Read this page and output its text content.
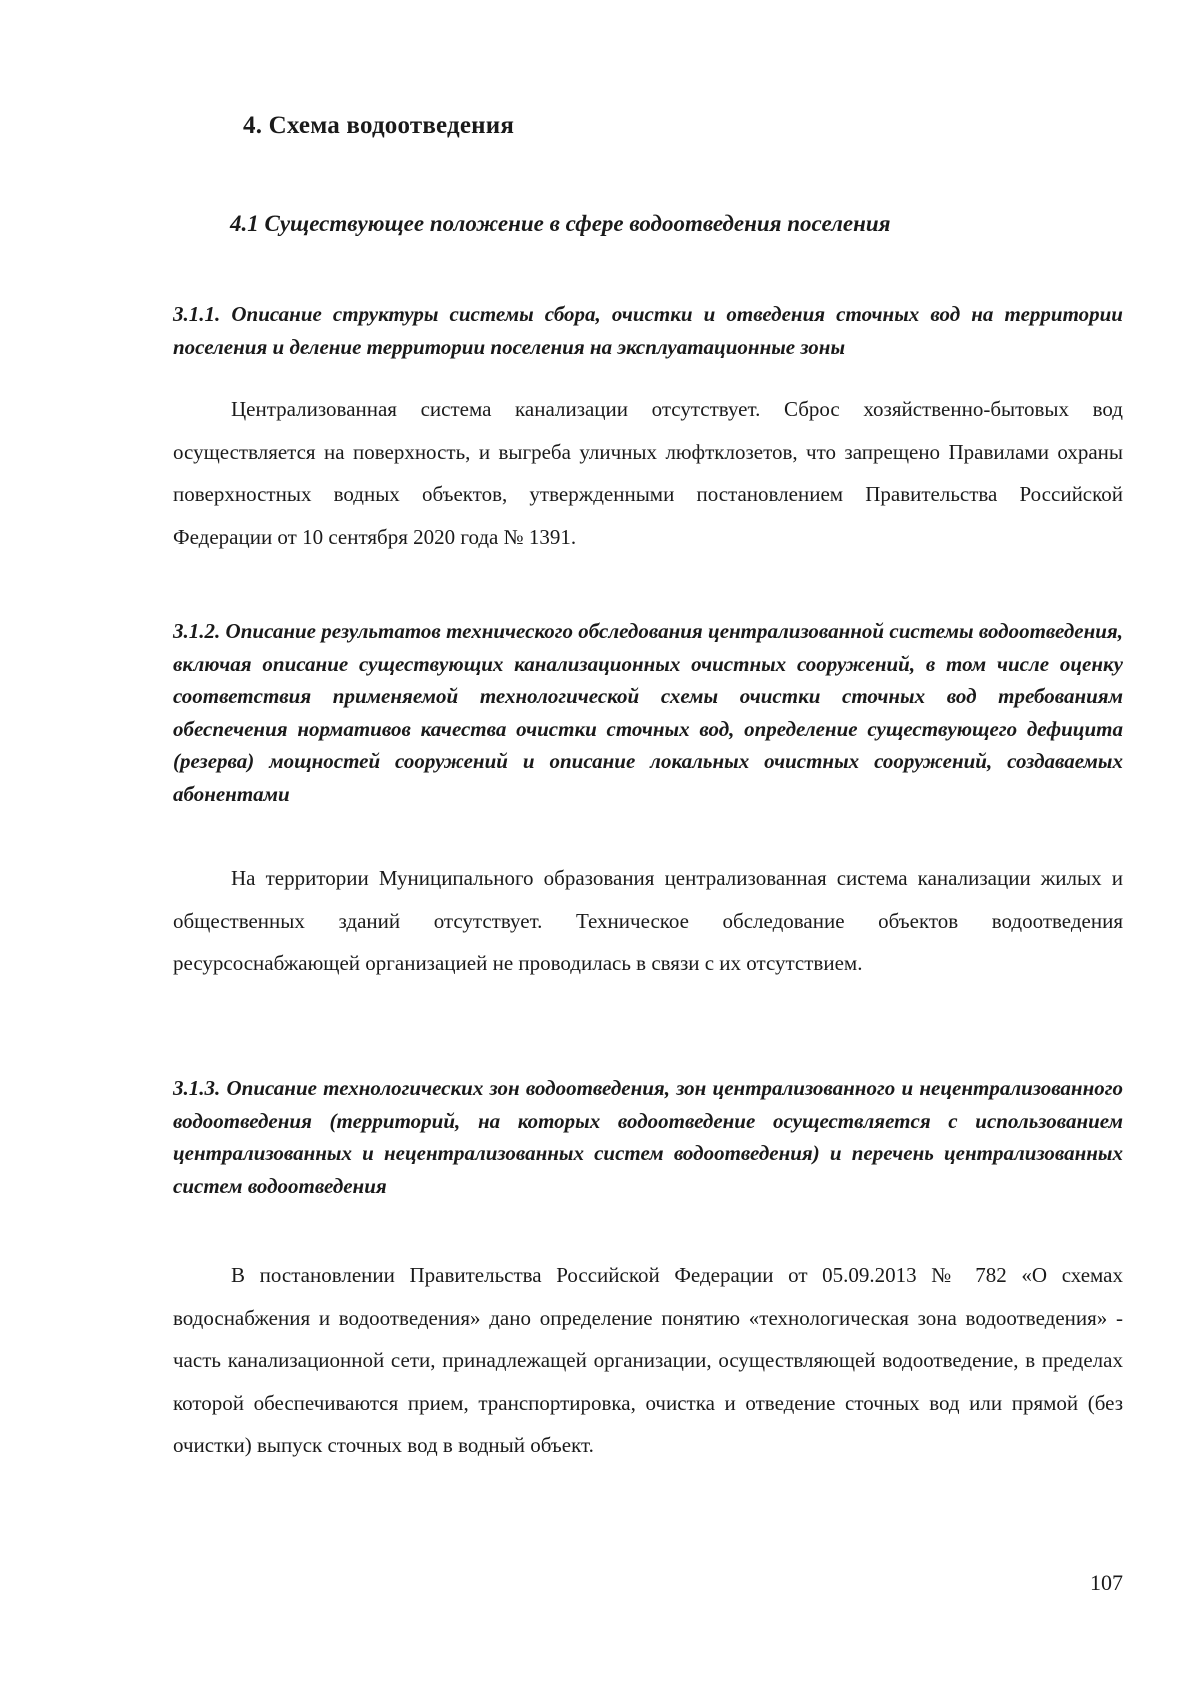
4. Схема водоотведения
4.1 Существующее положение в сфере водоотведения поселения
3.1.1. Описание структуры системы сбора, очистки и отведения сточных вод на территории поселения и деление территории поселения на эксплуатационные зоны

Централизованная система канализации отсутствует. Сброс хозяйственно-бытовых вод осуществляется на поверхность, и выгреба уличных люфтклозетов, что запрещено Правилами охраны поверхностных водных объектов, утвержденными постановлением Правительства Российской Федерации от 10 сентября 2020 года № 1391.

3.1.2. Описание результатов технического обследования централизованной системы водоотведения, включая описание существующих канализационных очистных сооружений, в том числе оценку соответствия применяемой технологической схемы очистки сточных вод требованиям обеспечения нормативов качества очистки сточных вод, определение существующего дефицита (резерва) мощностей сооружений и описание локальных очистных сооружений, создаваемых абонентами

На территории Муниципального образования централизованная система канализации жилых и общественных зданий отсутствует. Техническое обследование объектов водоотведения ресурсоснабжающей организацией не проводилась в связи с их отсутствием.

3.1.3. Описание технологических зон водоотведения, зон централизованного и нецентрализованного водоотведения (территорий, на которых водоотведение осуществляется с использованием централизованных и нецентрализованных систем водоотведения) и перечень централизованных систем водоотведения

В постановлении Правительства Российской Федерации от 05.09.2013 № 782 «О схемах водоснабжения и водоотведения» дано определение понятию «технологическая зона водоотведения» - часть канализационной сети, принадлежащей организации, осуществляющей водоотведение, в пределах которой обеспечиваются прием, транспортировка, очистка и отведение сточных вод или прямой (без очистки) выпуск сточных вод в водный объект.

107
